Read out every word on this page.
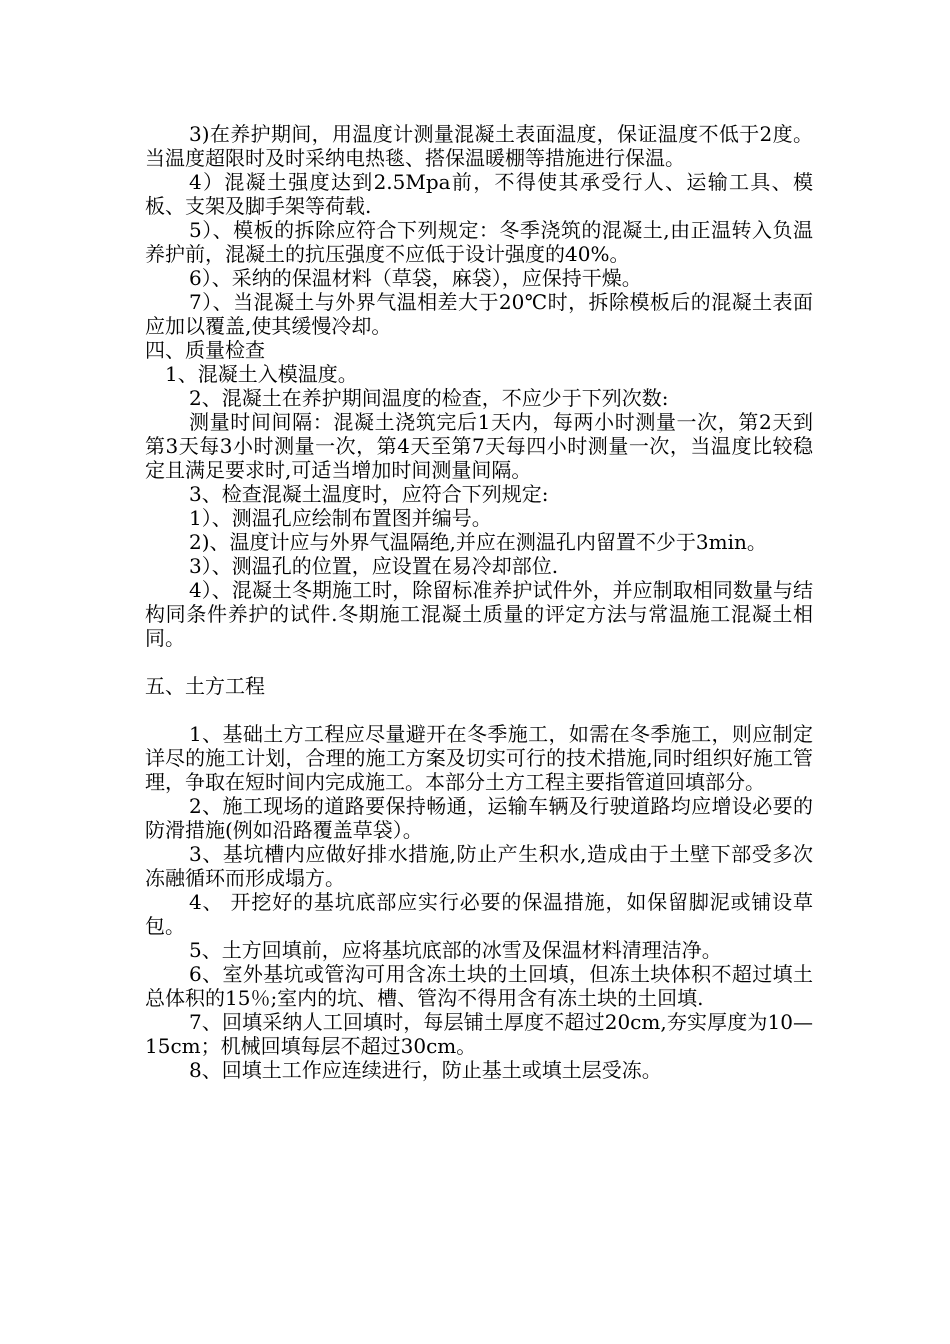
3)在养护期间，用温度计测量混凝土表面温度，保证温度不低于2度。当温度超限时及时采纳电热毯、搭保温暖棚等措施进行保温。

4）混凝土强度达到2.5Mpa前，不得使其承受行人、运输工具、模板、支架及脚手架等荷载.

5）、模板的拆除应符合下列规定：冬季浇筑的混凝土,由正温转入负温养护前，混凝土的抗压强度不应低于设计强度的40%。

6）、采纳的保温材料（草袋，麻袋），应保持干燥。

7）、当混凝土与外界气温相差大于20℃时，拆除模板后的混凝土表面应加以覆盖,使其缓慢冷却。

四、质量检查

1、混凝土入模温度。

2、混凝土在养护期间温度的检查，不应少于下列次数:

测量时间间隔：混凝土浇筑完后1天内，每两小时测量一次，第2天到第3天每3小时测量一次，第4天至第7天每四小时测量一次，当温度比较稳定且满足要求时,可适当增加时间测量间隔。

3、检查混凝土温度时，应符合下列规定:

1）、测温孔应绘制布置图并编号。

2)、温度计应与外界气温隔绝,并应在测温孔内留置不少于3min。

3）、测温孔的位置，应设置在易冷却部位.

4）、混凝土冬期施工时，除留标准养护试件外，并应制取相同数量与结构同条件养护的试件.冬期施工混凝土质量的评定方法与常温施工混凝土相同。

五、土方工程

1、基础土方工程应尽量避开在冬季施工，如需在冬季施工，则应制定详尽的施工计划，合理的施工方案及切实可行的技术措施,同时组织好施工管理，争取在短时间内完成施工。本部分土方工程主要指管道回填部分。

2、施工现场的道路要保持畅通，运输车辆及行驶道路均应增设必要的防滑措施(例如沿路覆盖草袋）。

3、基坑槽内应做好排水措施,防止产生积水,造成由于土壁下部受多次冻融循环而形成塌方。

4、 开挖好的基坑底部应实行必要的保温措施，如保留脚泥或铺设草包。

5、土方回填前，应将基坑底部的冰雪及保温材料清理洁净。

6、室外基坑或管沟可用含冻土块的土回填，但冻土块体积不超过填土总体积的15％;室内的坑、槽、管沟不得用含有冻土块的土回填.

7、回填采纳人工回填时，每层铺土厚度不超过20cm,夯实厚度为10—15cm；机械回填每层不超过30cm。

8、回填土工作应连续进行，防止基土或填土层受冻。
